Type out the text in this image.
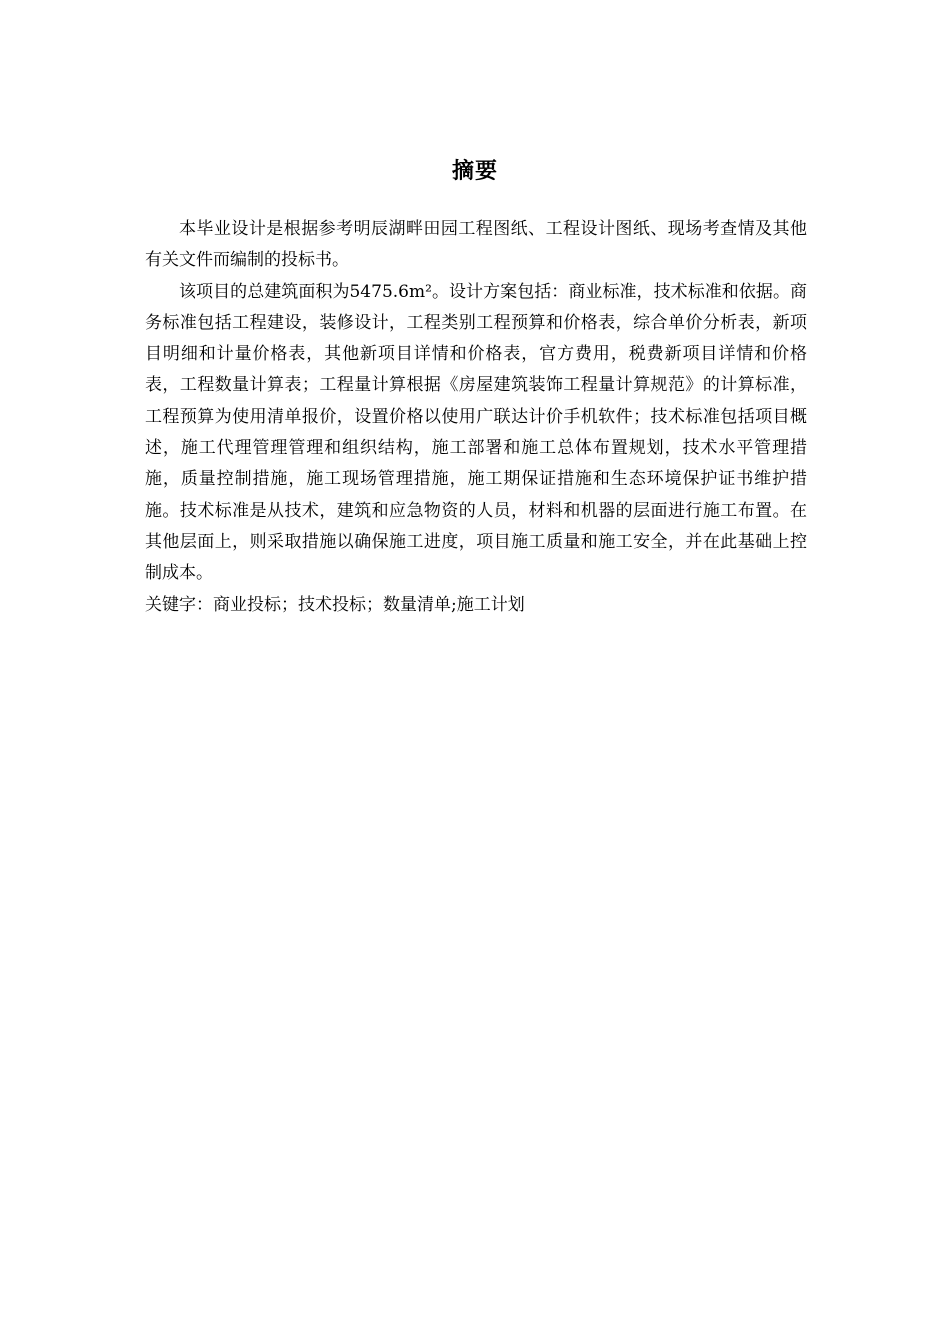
摘要

本毕业设计是根据参考明辰湖畔田园工程图纸、工程设计图纸、现场考查情及其他有关文件而编制的投标书。

该项目的总建筑面积为5475.6m²。设计方案包括：商业标准，技术标准和依据。商务标准包括工程建设，装修设计，工程类别工程预算和价格表，综合单价分析表，新项目明细和计量价格表，其他新项目详情和价格表，官方费用，税费新项目详情和价格表，工程数量计算表；工程量计算根据《房屋建筑装饰工程量计算规范》的计算标准，工程预算为使用清单报价，设置价格以使用广联达计价手机软件；技术标准包括项目概述，施工代理管理管理和组织结构，施工部署和施工总体布置规划，技术水平管理措施，质量控制措施，施工现场管理措施，施工期保证措施和生态环境保护证书维护措施。技术标准是从技术，建筑和应急物资的人员，材料和机器的层面进行施工布置。在其他层面上，则采取措施以确保施工进度，项目施工质量和施工安全，并在此基础上控制成本。

关键字：商业投标；技术投标；数量清单;施工计划
